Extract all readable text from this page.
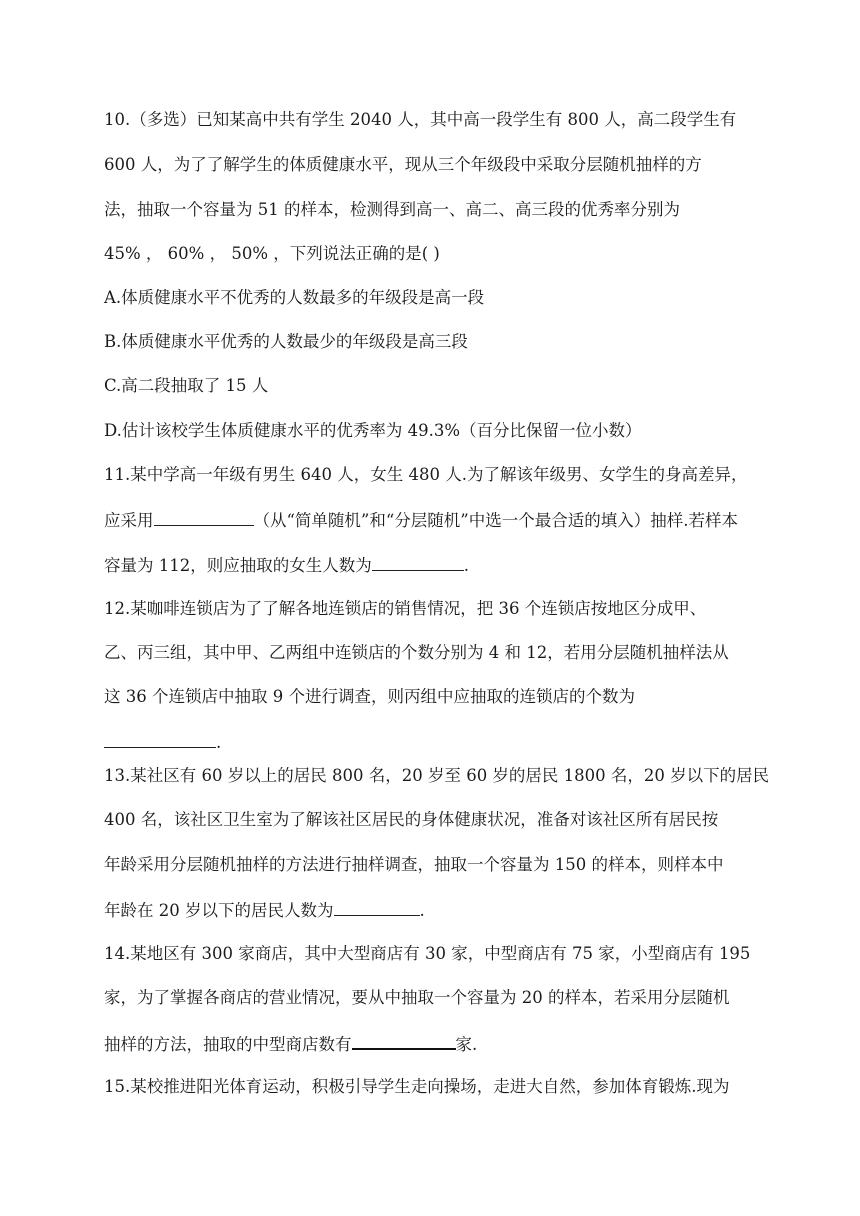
10.（多选）已知某高中共有学生 2040 人，其中高一段学生有 800 人，高二段学生有
600 人，为了了解学生的体质健康水平，现从三个年级段中采取分层随机抽样的方
法，抽取一个容量为 51 的样本，检测得到高一、高二、高三段的优秀率分别为
45% ， 60% ， 50% ，下列说法正确的是( )
A.体质健康水平不优秀的人数最多的年级段是高一段
B.体质健康水平优秀的人数最少的年级段是高三段
C.高二段抽取了 15 人
D.估计该校学生体质健康水平的优秀率为 49.3%（百分比保留一位小数）
11.某中学高一年级有男生 640 人，女生 480 人.为了解该年级男、女学生的身高差异，
应采用	（从“简单随机”和“分层随机”中选一个最合适的填入）抽样.若样本
容量为 112，则应抽取的女生人数为	.
12.某咖啡连锁店为了了解各地连锁店的销售情况，把 36 个连锁店按地区分成甲、
乙、丙三组，其中甲、乙两组中连锁店的个数分别为 4 和 12，若用分层随机抽样法从
这 36 个连锁店中抽取 9 个进行调查，则丙组中应抽取的连锁店的个数为
.
13.某社区有 60 岁以上的居民 800 名，20 岁至 60 岁的居民 1800 名，20 岁以下的居民
400 名，该社区卫生室为了解该社区居民的身体健康状况，准备对该社区所有居民按
年龄采用分层随机抽样的方法进行抽样调查，抽取一个容量为 150 的样本，则样本中
年龄在 20 岁以下的居民人数为	.
14.某地区有 300 家商店，其中大型商店有 30 家，中型商店有 75 家，小型商店有 195
家，为了掌握各商店的营业情况，要从中抽取一个容量为 20 的样本，若采用分层随机
抽样的方法，抽取的中型商店数有	家.
15.某校推进阳光体育运动，积极引导学生走向操场，走进大自然，参加体育锻炼.现为
